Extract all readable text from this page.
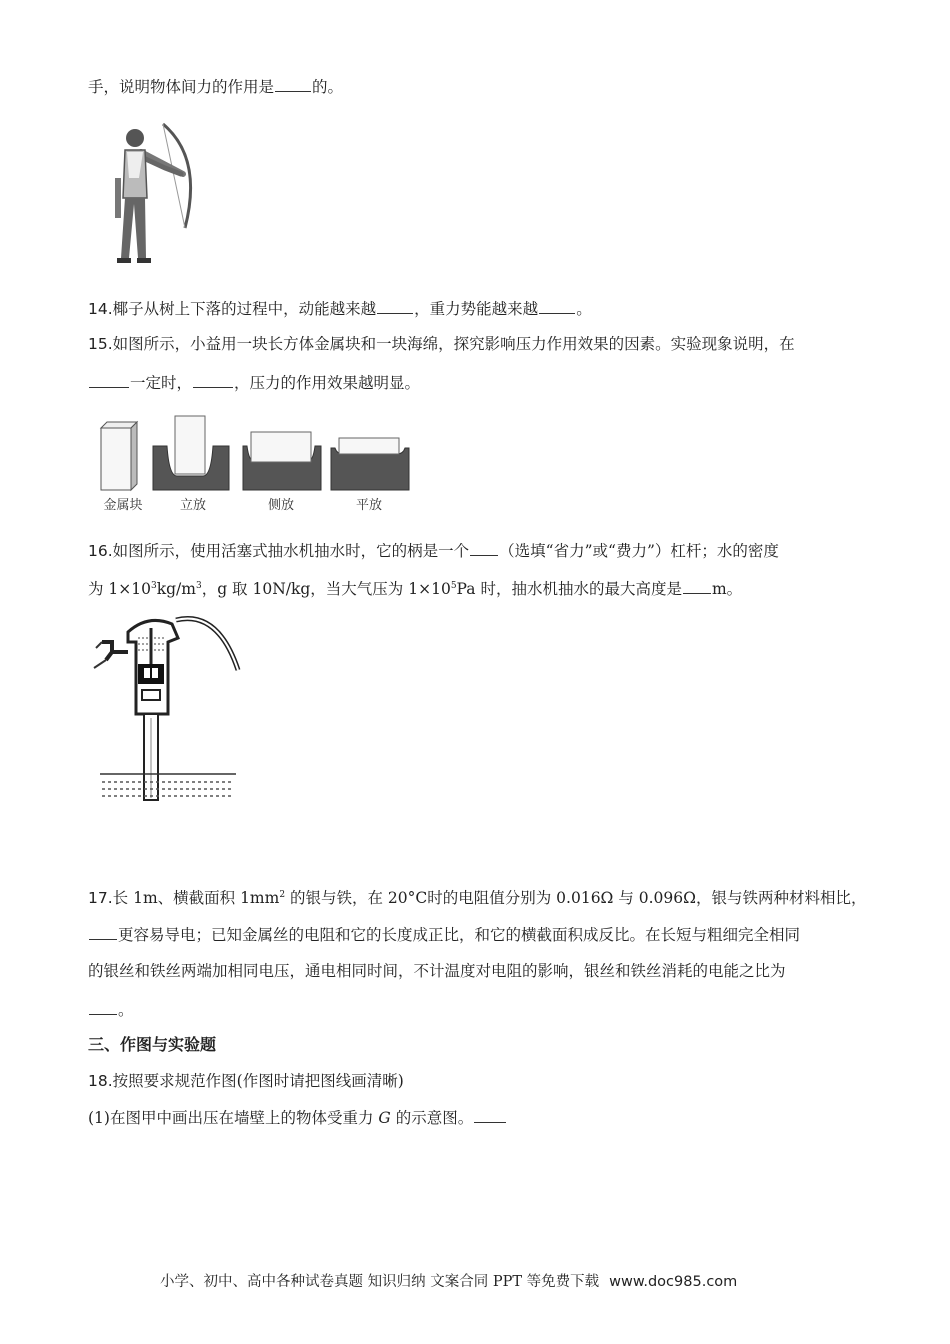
手，说明物体间力的作用是 的。
14.椰子从树上下落的过程中，动能越来越 ，重力势能越来越 。
15.如图所示，小益用一块长方体金属块和一块海绵，探究影响压力作用效果的因素。实验现象说明，在
一定时，	，压力的作用效果越明显。
金属块	立放	侧放	平放
16.如图所示，使用活塞式抽水机抽水时，它的柄是一个 （选填“省力”或“费力”）杠杆；水的密度
为 $1\times 10^3kg/m^3$，g 取 10N/kg，当大气压为 $1\times 10^5Pa$ 时，抽水机抽水的最大高度是 m。
17.长 1m、横截面积 $1mm^2$ 的银与铁，在 20°C时的电阻值分别为 0.016Ω 与 0.096Ω，银与铁两种材料相比，
更容易导电；已知金属丝的电阻和它的长度成正比，和它的横截面积成反比。在长短与粗细完全相同
的银丝和铁丝两端加相同电压，通电相同时间，不计温度对电阻的影响，银丝和铁丝消耗的电能之比为
。
三、作图与实验题
18.按照要求规范作图(作图时请把图线画清晰)
(1)在图甲中画出压在墙壁上的物体受重力 G 的示意图。
小学、初中、高中各种试卷真题 知识归纳 文案合同 PPT 等免费下载 www.doc985.com
